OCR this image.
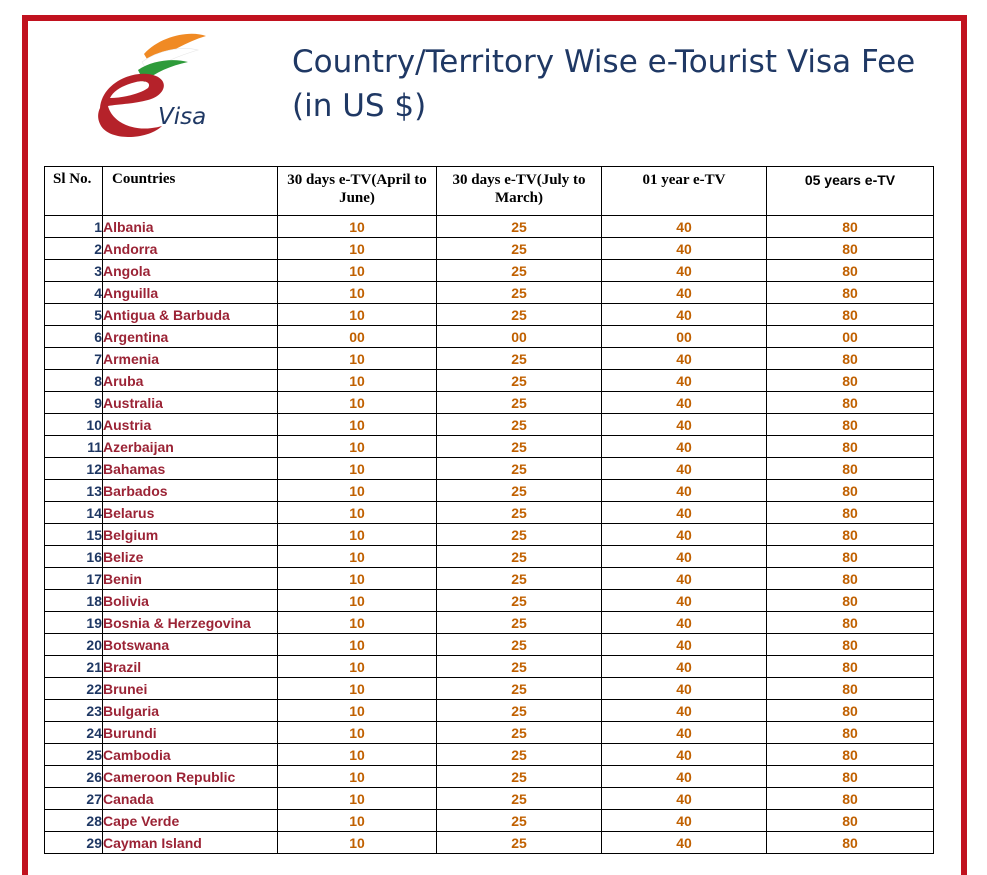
Visa
Country/Territory Wise e-Tourist Visa Fee (in US $)
Sl No.	Countries	30 days e-TV(April to June)	30 days e-TV(July to March)	01 year e-TV	05 years e-TV
1	Albania	10	25	40	80
2	Andorra	10	25	40	80
3	Angola	10	25	40	80
4	Anguilla	10	25	40	80
5	Antigua & Barbuda	10	25	40	80
6	Argentina	00	00	00	00
7	Armenia	10	25	40	80
8	Aruba	10	25	40	80
9	Australia	10	25	40	80
10	Austria	10	25	40	80
11	Azerbaijan	10	25	40	80
12	Bahamas	10	25	40	80
13	Barbados	10	25	40	80
14	Belarus	10	25	40	80
15	Belgium	10	25	40	80
16	Belize	10	25	40	80
17	Benin	10	25	40	80
18	Bolivia	10	25	40	80
19	Bosnia & Herzegovina	10	25	40	80
20	Botswana	10	25	40	80
21	Brazil	10	25	40	80
22	Brunei	10	25	40	80
23	Bulgaria	10	25	40	80
24	Burundi	10	25	40	80
25	Cambodia	10	25	40	80
26	Cameroon Republic	10	25	40	80
27	Canada	10	25	40	80
28	Cape Verde	10	25	40	80
29	Cayman Island	10	25	40	80
